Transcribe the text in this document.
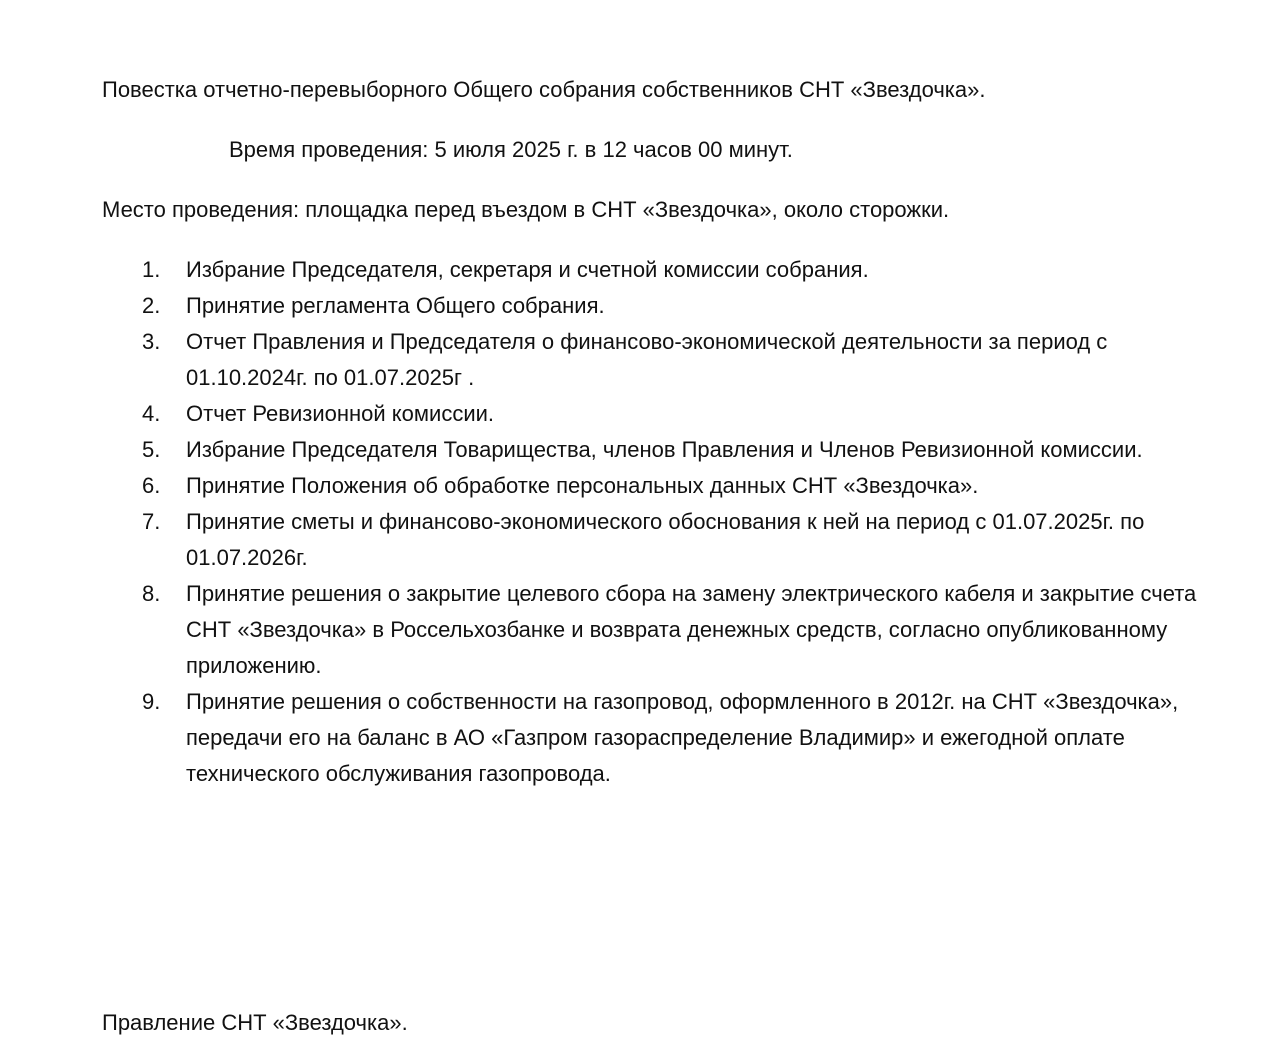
Повестка отчетно-перевыборного Общего собрания собственников СНТ «Звездочка».
Время проведения: 5 июля 2025 г. в 12 часов 00 минут.
Место проведения: площадка перед въездом в СНТ «Звездочка», около сторожки.
1.	Избрание Председателя, секретаря и счетной комиссии собрания.
2.	Принятие регламента Общего собрания.
3.	Отчет Правления и Председателя о финансово-экономической деятельности за период с 01.10.2024г. по 01.07.2025г .
4.	Отчет Ревизионной комиссии.
5.	Избрание Председателя Товарищества, членов Правления и Членов Ревизионной комиссии.
6.	Принятие Положения об обработке персональных данных СНТ «Звездочка».
7.	Принятие сметы и финансово-экономического обоснования к ней на период с 01.07.2025г. по 01.07.2026г.
8.	Принятие решения о закрытие целевого сбора на замену электрического кабеля и закрытие счета СНТ «Звездочка» в Россельхозбанке и возврата денежных средств, согласно опубликованному приложению.
9.	Принятие решения о собственности на газопровод, оформленного в 2012г. на СНТ «Звездочка», передачи его на баланс в АО «Газпром газораспределение Владимир» и ежегодной оплате технического обслуживания газопровода.
Правление СНТ «Звездочка».
